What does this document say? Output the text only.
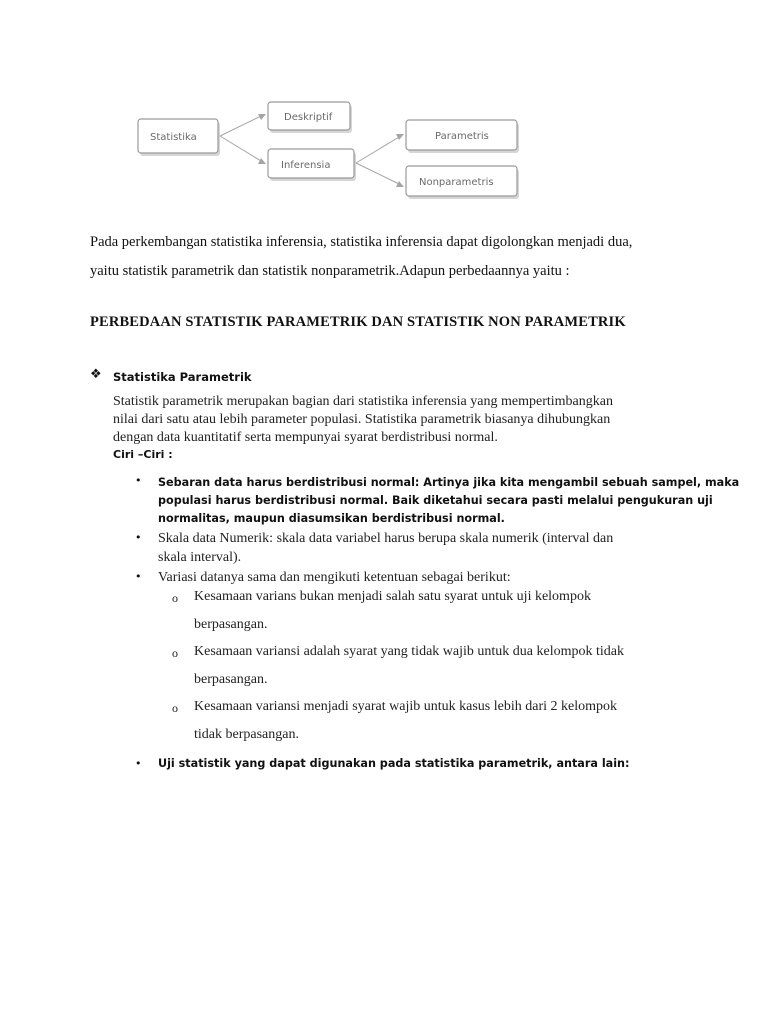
Statistika
Deskriptif
Inferensia
Parametris
Nonparametris
Pada perkembangan statistika inferensia, statistika inferensia dapat digolongkan menjadi dua,
yaitu statistik parametrik dan statistik nonparametrik.Adapun perbedaannya yaitu :
PERBEDAAN STATISTIK PARAMETRIK DAN STATISTIK NON PARAMETRIK
❖ Statistika Parametrik
Statistik parametrik merupakan bagian dari statistika inferensia yang mempertimbangkan
nilai dari satu atau lebih parameter populasi. Statistika parametrik biasanya dihubungkan
dengan data kuantitatif serta mempunyai syarat berdistribusi normal.
Ciri –Ciri :
• Sebaran data harus berdistribusi normal: Artinya jika kita mengambil sebuah sampel, maka
populasi harus berdistribusi normal. Baik diketahui secara pasti melalui pengukuran uji
normalitas, maupun diasumsikan berdistribusi normal.
• Skala data Numerik: skala data variabel harus berupa skala numerik (interval dan
skala interval).
• Variasi datanya sama dan mengikuti ketentuan sebagai berikut:
o Kesamaan varians bukan menjadi salah satu syarat untuk uji kelompok
berpasangan.
o Kesamaan variansi adalah syarat yang tidak wajib untuk dua kelompok tidak
berpasangan.
o Kesamaan variansi menjadi syarat wajib untuk kasus lebih dari 2 kelompok
tidak berpasangan.
• Uji statistik yang dapat digunakan pada statistika parametrik, antara lain:
